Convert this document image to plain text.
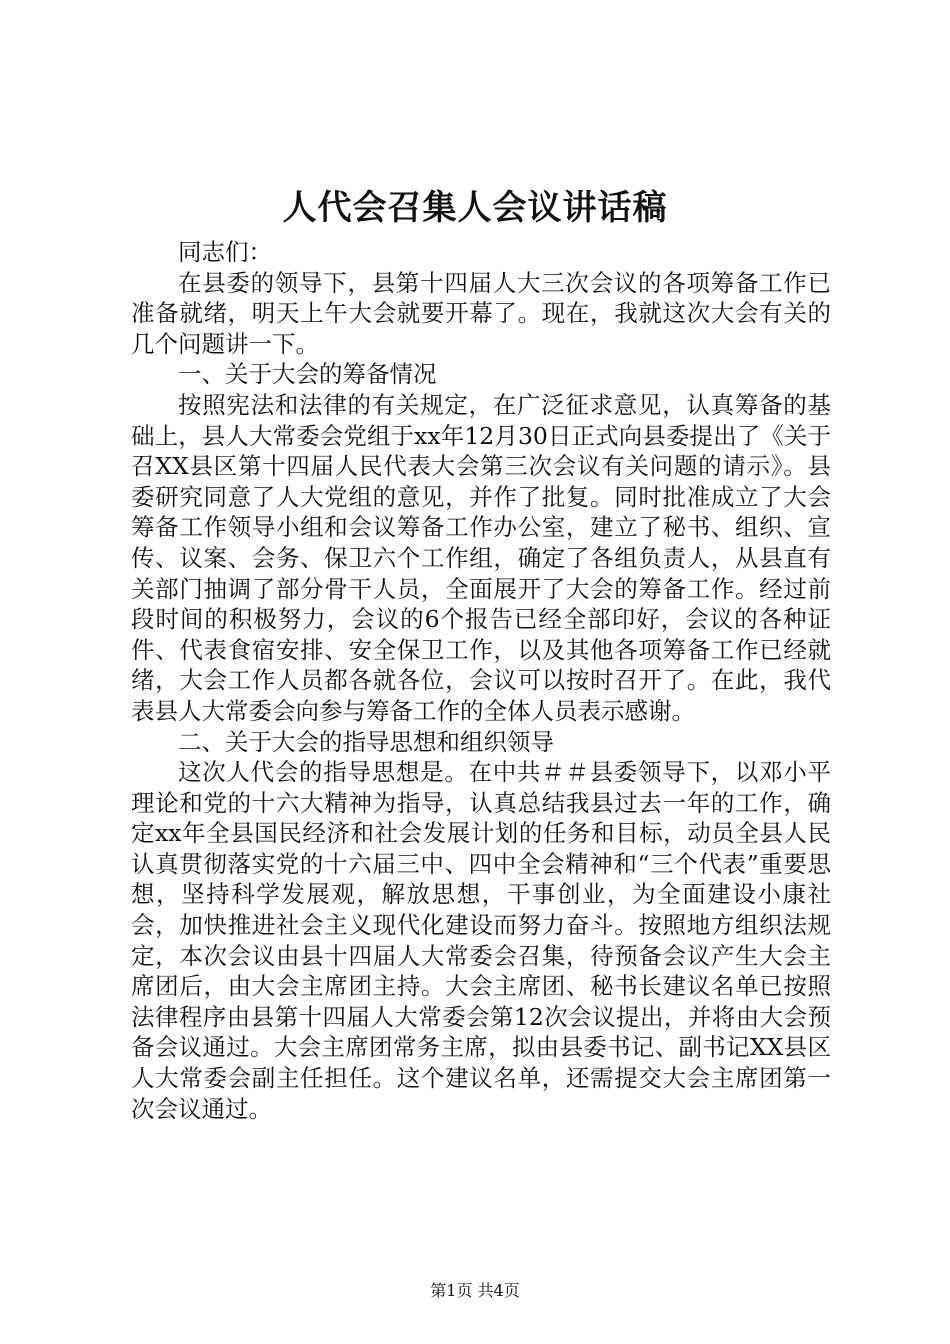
人代会召集人会议讲话稿

同志们：

在县委的领导下，县第十四届人大三次会议的各项筹备工作已准备就绪，明天上午大会就要开幕了。现在，我就这次大会有关的几个问题讲一下。

一、关于大会的筹备情况

按照宪法和法律的有关规定，在广泛征求意见，认真筹备的基础上，县人大常委会党组于xx年12月30日正式向县委提出了《关于召XX县区第十四届人民代表大会第三次会议有关问题的请示》。县委研究同意了人大党组的意见，并作了批复。同时批准成立了大会筹备工作领导小组和会议筹备工作办公室，建立了秘书、组织、宣传、议案、会务、保卫六个工作组，确定了各组负责人，从县直有关部门抽调了部分骨干人员，全面展开了大会的筹备工作。经过前段时间的积极努力，会议的6个报告已经全部印好，会议的各种证件、代表食宿安排、安全保卫工作，以及其他各项筹备工作已经就绪，大会工作人员都各就各位，会议可以按时召开了。在此，我代表县人大常委会向参与筹备工作的全体人员表示感谢。

二、关于大会的指导思想和组织领导

这次人代会的指导思想是。在中共＃＃县委领导下，以邓小平理论和党的十六大精神为指导，认真总结我县过去一年的工作，确定xx年全县国民经济和社会发展计划的任务和目标，动员全县人民认真贯彻落实党的十六届三中、四中全会精神和“三个代表”重要思想，坚持科学发展观，解放思想，干事创业，为全面建设小康社会，加快推进社会主义现代化建设而努力奋斗。按照地方组织法规定，本次会议由县十四届人大常委会召集，待预备会议产生大会主席团后，由大会主席团主持。大会主席团、秘书长建议名单已按照法律程序由县第十四届人大常委会第12次会议提出，并将由大会预备会议通过。大会主席团常务主席，拟由县委书记、副书记XX县区人大常委会副主任担任。这个建议名单，还需提交大会主席团第一次会议通过。

第1页 共4页
